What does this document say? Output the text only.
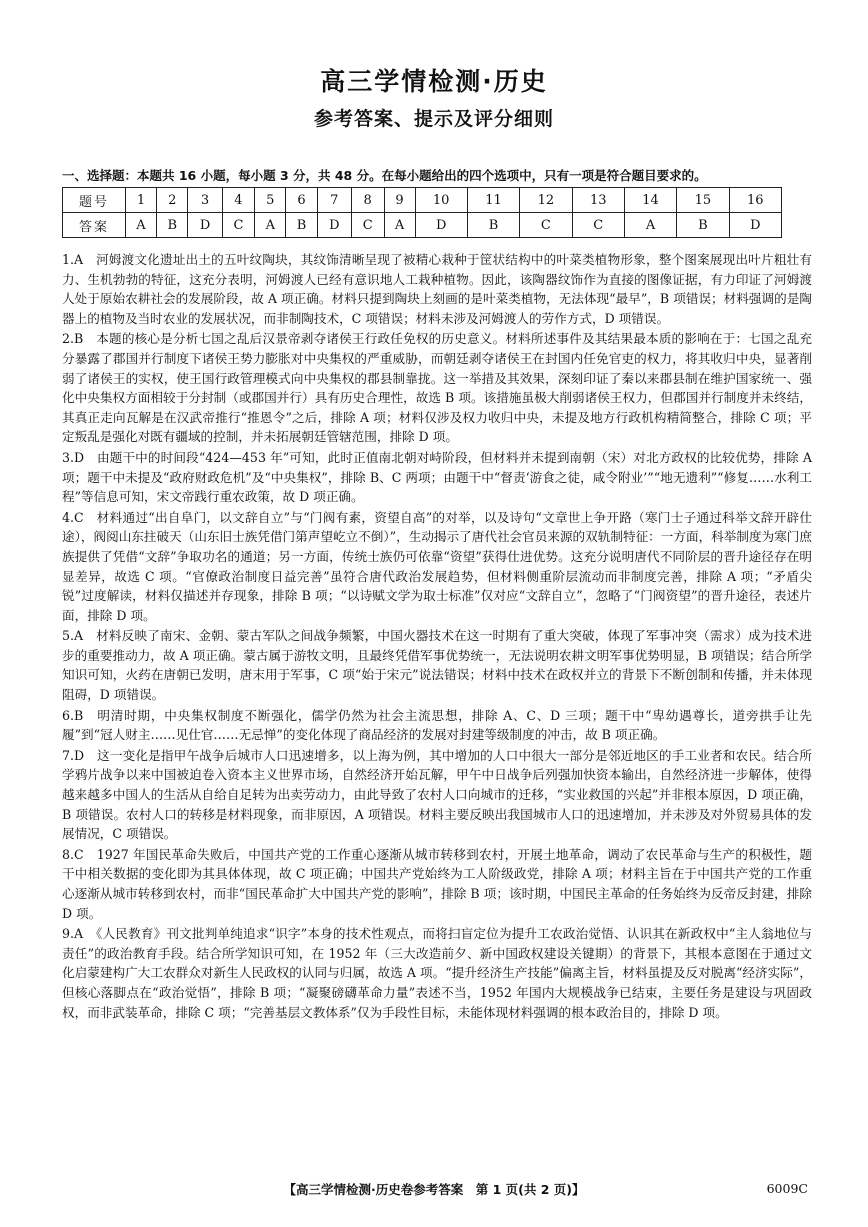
高三学情检测·历史
参考答案、提示及评分细则
一、选择题：本题共 16 小题，每小题 3 分，共 48 分。在每小题给出的四个选项中，只有一项是符合题目要求的。
题号	1	2	3	4	5	6	7	8	9	10	11	12	13	14	15	16
答案	A	B	D	C	A	B	D	C	A	D	B	C	C	A	B	D

1.A　河姆渡文化遗址出土的五叶纹陶块，其纹饰清晰呈现了被精心栽种于筐状结构中的叶菜类植物形象，整个图案展现出叶片粗壮有力、生机勃勃的特征，这充分表明，河姆渡人已经有意识地人工栽种植物。因此，该陶器纹饰作为直接的图像证据，有力印证了河姆渡人处于原始农耕社会的发展阶段，故 A 项正确。材料只提到陶块上刻画的是叶菜类植物，无法体现“最早”，B 项错误；材料强调的是陶器上的植物及当时农业的发展状况，而非制陶技术，C 项错误；材料未涉及河姆渡人的劳作方式，D 项错误。

2.B　本题的核心是分析七国之乱后汉景帝剥夺诸侯王行政任免权的历史意义。材料所述事件及其结果最本质的影响在于：七国之乱充分暴露了郡国并行制度下诸侯王势力膨胀对中央集权的严重威胁，而朝廷剥夺诸侯王在封国内任免官吏的权力，将其收归中央，显著削弱了诸侯王的实权，使王国行政管理模式向中央集权的郡县制靠拢。这一举措及其效果，深刻印证了秦以来郡县制在维护国家统一、强化中央集权方面相较于分封制（或郡国并行）具有历史合理性，故选 B 项。该措施虽极大削弱诸侯王权力，但郡国并行制度并未终结，其真正走向瓦解是在汉武帝推行“推恩令”之后，排除 A 项；材料仅涉及权力收归中央，未提及地方行政机构精简整合，排除 C 项；平定叛乱是强化对既有疆域的控制，并未拓展朝廷管辖范围，排除 D 项。

3.D　由题干中的时间段“424—453 年”可知，此时正值南北朝对峙阶段，但材料并未提到南朝（宋）对北方政权的比较优势，排除 A 项；题干中未提及“政府财政危机”及“中央集权”，排除 B、C 两项；由题干中“督责‘游食之徒，咸令附业’”“地无遗利”“修复……水利工程”等信息可知，宋文帝践行重农政策，故 D 项正确。

4.C　材料通过“出自阜门，以文辞自立”与“门阀有素，资望自高”的对举，以及诗句“文章世上争开路（寒门士子通过科举文辞开辟仕途），阀阅山东拄破天（山东旧士族凭借门第声望屹立不倒）”，生动揭示了唐代社会官员来源的双轨制特征：一方面，科举制度为寒门庶族提供了凭借“文辞”争取功名的通道；另一方面，传统士族仍可依靠“资望”获得仕进优势。这充分说明唐代不同阶层的晋升途径存在明显差异，故选 C 项。“官僚政治制度日益完善”虽符合唐代政治发展趋势，但材料侧重阶层流动而非制度完善，排除 A 项；“矛盾尖锐”过度解读，材料仅描述并存现象，排除 B 项；“以诗赋文学为取士标准”仅对应“文辞自立”，忽略了“门阀资望”的晋升途径，表述片面，排除 D 项。

5.A　材料反映了南宋、金朝、蒙古军队之间战争频繁，中国火器技术在这一时期有了重大突破，体现了军事冲突（需求）成为技术进步的重要推动力，故 A 项正确。蒙古属于游牧文明，且最终凭借军事优势统一，无法说明农耕文明军事优势明显，B 项错误；结合所学知识可知，火药在唐朝已发明，唐末用于军事，C 项“始于宋元”说法错误；材料中技术在政权并立的背景下不断创制和传播，并未体现阻碍，D 项错误。

6.B　明清时期，中央集权制度不断强化，儒学仍然为社会主流思想，排除 A、C、D 三项；题干中“卑幼遇尊长，道旁拱手让先履”到“冠人财主……见仕官……无忌惮”的变化体现了商品经济的发展对封建等级制度的冲击，故 B 项正确。

7.D　这一变化是指甲午战争后城市人口迅速增多，以上海为例，其中增加的人口中很大一部分是邻近地区的手工业者和农民。结合所学鸦片战争以来中国被迫卷入资本主义世界市场，自然经济开始瓦解，甲午中日战争后列强加快资本输出，自然经济进一步解体，使得越来越多中国人的生活从自给自足转为出卖劳动力，由此导致了农村人口向城市的迁移，“实业救国的兴起”并非根本原因，D 项正确，B 项错误。农村人口的转移是材料现象，而非原因，A 项错误。材料主要反映出我国城市人口的迅速增加，并未涉及对外贸易具体的发展情况，C 项错误。

8.C　1927 年国民革命失败后，中国共产党的工作重心逐渐从城市转移到农村，开展土地革命，调动了农民革命与生产的积极性，题干中相关数据的变化即为其具体体现，故 C 项正确；中国共产党始终为工人阶级政党，排除 A 项；材料主旨在于中国共产党的工作重心逐渐从城市转移到农村，而非“国民革命扩大中国共产党的影响”，排除 B 项；该时期，中国民主革命的任务始终为反帝反封建，排除 D 项。

9.A　《人民教育》刊文批判单纯追求“识字”本身的技术性观点，而将扫盲定位为提升工农政治觉悟、认识其在新政权中“主人翁地位与责任”的政治教育手段。结合所学知识可知，在 1952 年（三大改造前夕、新中国政权建设关键期）的背景下，其根本意图在于通过文化启蒙建构广大工农群众对新生人民政权的认同与归属，故选 A 项。“提升经济生产技能”偏离主旨，材料虽提及反对脱离“经济实际”，但核心落脚点在“政治觉悟”，排除 B 项；“凝聚磅礴革命力量”表述不当，1952 年国内大规模战争已结束，主要任务是建设与巩固政权，而非武装革命，排除 C 项；“完善基层文教体系”仅为手段性目标，未能体现材料强调的根本政治目的，排除 D 项。

【高三学情检测·历史卷参考答案　第 1 页(共 2 页)】	6009C
